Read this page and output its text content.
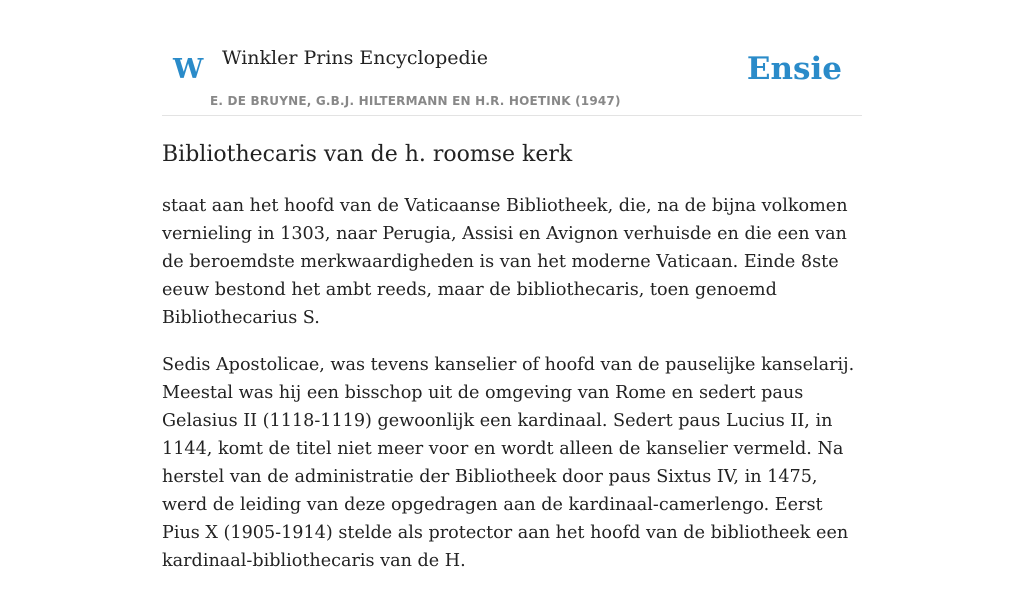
W Winkler Prins Encyclopedie
E. DE BRUYNE, G.B.J. HILTERMANN EN H.R. HOETINK (1947)
Ensie
Bibliothecaris van de h. roomse kerk

staat aan het hoofd van de Vaticaanse Bibliotheek, die, na de bijna volkomen vernieling in 1303, naar Perugia, Assisi en Avignon verhuisde en die een van de beroemdste merkwaardigheden is van het moderne Vaticaan. Einde 8ste eeuw bestond het ambt reeds, maar de bibliothecaris, toen genoemd Bibliothecarius S.

Sedis Apostolicae, was tevens kanselier of hoofd van de pauselijke kanselarij. Meestal was hij een bisschop uit de omgeving van Rome en sedert paus Gelasius II (1118-1119) gewoonlijk een kardinaal. Sedert paus Lucius II, in 1144, komt de titel niet meer voor en wordt alleen de kanselier vermeld. Na herstel van de administratie der Bibliotheek door paus Sixtus IV, in 1475, werd de leiding van deze opgedragen aan de kardinaal-camerlengo. Eerst Pius X (1905-1914) stelde als protector aan het hoofd van de bibliotheek een kardinaal-bibliothecaris van de H.
